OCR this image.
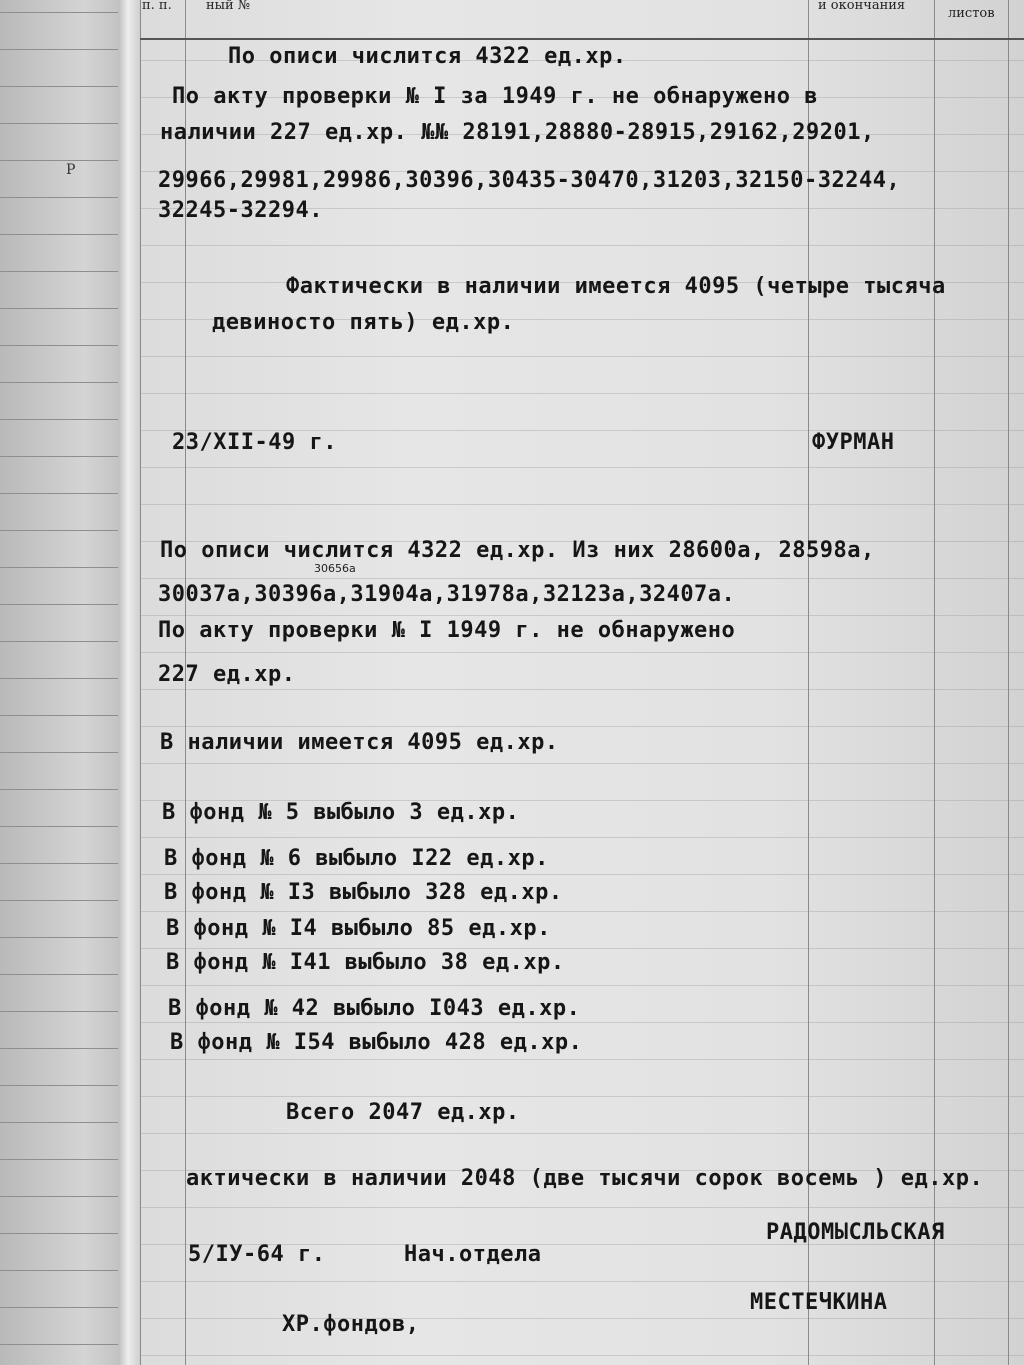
п. п.	ный №	и окончания
листов
Р
По описи числится 4322 ед.хр.
По акту проверки № I за 1949 г. не обнаружено в
наличии 227 ед.хр. №№ 28191,28880-28915,29162,29201,
29966,29981,29986,30396,30435-30470,31203,32150-32244,
32245-32294.
Фактически в наличии имеется 4095 (четыре тысяча
девиносто пять) ед.хр.
23/XII-49 г.	ФУРМАН
По описи числится 4322 ед.хр. Из них 28600а, 28598а,
30656а
30037а,30396а,31904а,31978а,32123а,32407а.
По акту проверки № I 1949 г. не обнаружено
227 ед.хр.
В наличии имеется 4095 ед.хр.
В фонд № 5 выбыло 3 ед.хр.
В фонд № 6 выбыло I22 ед.хр.
В фонд № I3 выбыло 328 ед.хр.
В фонд № I4 выбыло 85 ед.хр.
В фонд № I41 выбыло 38 ед.хр.
В фонд № 42 выбыло I043 ед.хр.
В фонд № I54 выбыло 428 ед.хр.
Всего 2047 ед.хр.
актически в наличии 2048 (две тысячи сорок восемь ) ед.хр.
5/IУ-64 г.	Нач.отдела
РАДОМЫСЛЬСКАЯ
ХР.фондов,
МЕСТЕЧКИНА
